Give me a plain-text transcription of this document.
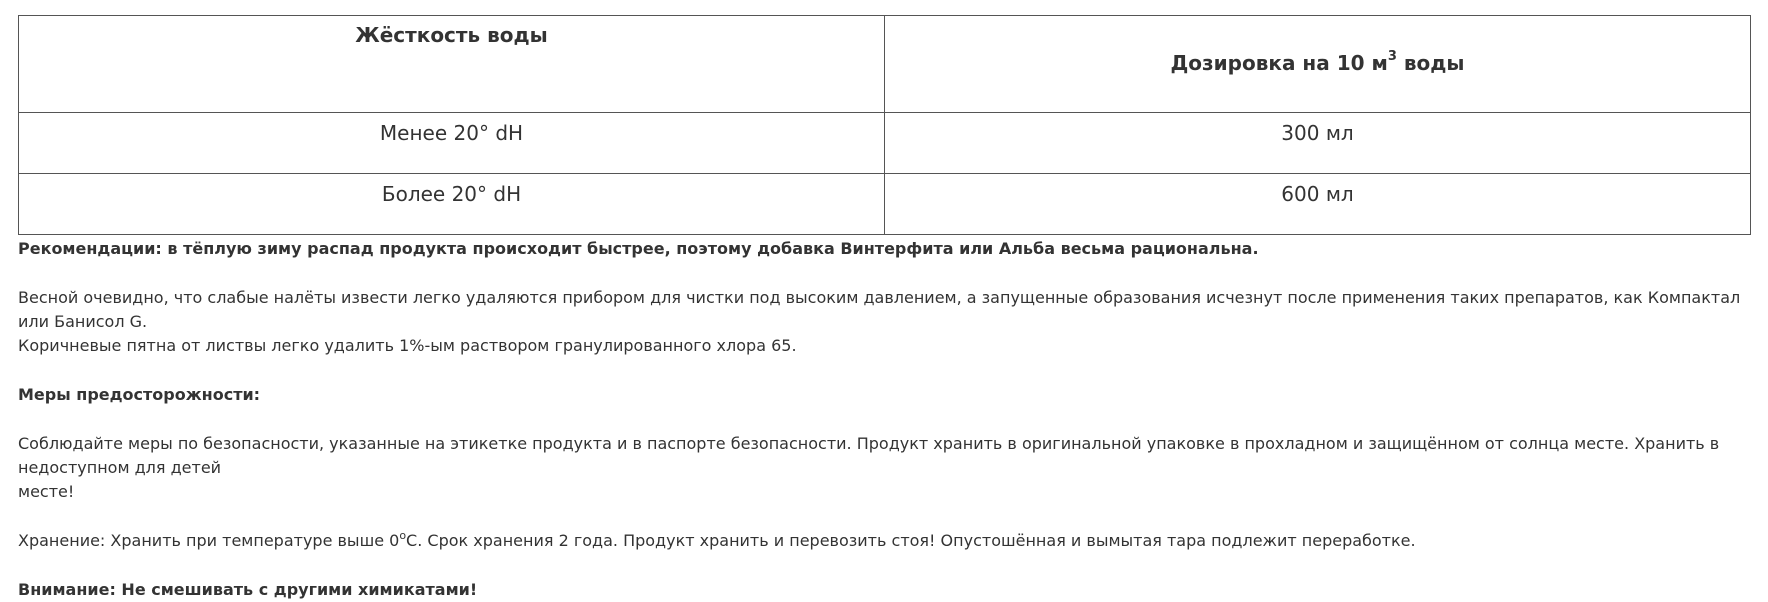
Жёсткость воды	Дозировка на 10 $м^3$ воды
Менее 20° dH	300 мл
Более 20° dH	600 мл

Рекомендации: в тёплую зиму распад продукта происходит быстрее, поэтому добавка Винтерфита или Альба весьма рациональна.

Весной очевидно, что слабые налёты извести легко удаляются прибором для чистки под высоким давлением, а запущенные образования исчезнут после применения таких препаратов, как Компактал или Банисол G.

Коричневые пятна от листвы легко удалить 1%-ым раствором гранулированного хлора 65.

Меры предосторожности:

Соблюдайте меры по безопасности, указанные на этикетке продукта и в паспорте безопасности. Продукт хранить в оригинальной упаковке в прохладном и защищённом от солнца месте. Хранить в недоступном для детей

месте!

Хранение: Хранить при температуре выше $0^оС$. Срок хранения 2 года. Продукт хранить и перевозить стоя! Опустошённая и вымытая тара подлежит переработке.

Внимание: Не смешивать с другими химикатами!
